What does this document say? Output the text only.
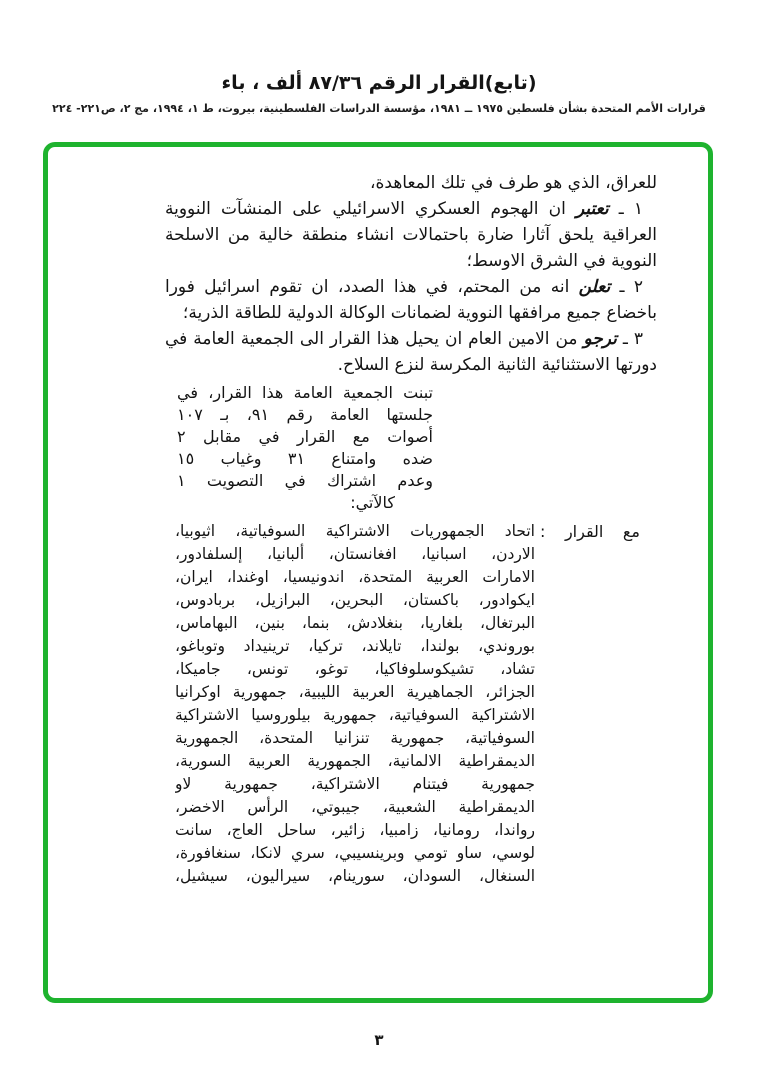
(تابع)القرار الرقم ٨٧/٣٦ ألف ، باء
قرارات الأمم المتحدة بشأن فلسطين ١٩٧٥ ــ ١٩٨١، مؤسسة الدراسات الفلسطينية، بيروت، ط ١، ١٩٩٤، مج ٢، ص٢٢١- ٢٢٤
للعراق، الذي هو طرف في تلك المعاهدة،
١ ـ تعتبر ان الهجوم العسكري الاسرائيلي على المنشآت النووية
العراقية يلحق آثارا ضارة باحتمالات انشاء منطقة خالية من الاسلحة
النووية في الشرق الاوسط؛
٢ ـ تعلن انه من المحتم، في هذا الصدد، ان تقوم اسرائيل فورا
باخضاع جميع مرافقها النووية لضمانات الوكالة الدولية للطاقة الذرية؛
٣ ـ ترجو من الامين العام ان يحيل هذا القرار الى الجمعية العامة في
دورتها الاستثنائية الثانية المكرسة لنزع السلاح.
تبنت الجمعية العامة هذا القرار، في
جلستها العامة رقم ٩١، بـ ١٠٧
أصوات مع القرار في مقابل ٢
ضده وامتناع ٣١ وغياب ١٥
وعدم اشتراك في التصويت ١
كالآتي:
مع القرار :
اتحاد الجمهوريات الاشتراكية السوفياتية، اثيوبيا،
الاردن، اسبانيا، افغانستان، ألبانيا، إلسلفادور،
الامارات العربية المتحدة، اندونيسيا، اوغندا، ايران،
ايكوادور، باكستان، البحرين، البرازيل، بربادوس،
البرتغال، بلغاريا، بنغلادش، بنما، بنين، البهاماس،
بوروندي، بولندا، تايلاند، تركيا، ترينيداد وتوباغو،
تشاد، تشيكوسلوفاكيا، توغو، تونس، جاميكا،
الجزائر، الجماهيرية العربية الليبية، جمهورية اوكرانيا
الاشتراكية السوفياتية، جمهورية بيلوروسيا الاشتراكية
السوفياتية، جمهورية تنزانيا المتحدة، الجمهورية
الديمقراطية الالمانية، الجمهورية العربية السورية،
جمهورية فيتنام الاشتراكية، جمهورية لاو
الديمقراطية الشعبية، جيبوتي، الرأس الاخضر،
رواندا، رومانيا، زامبيا، زائير، ساحل العاج، سانت
لوسي، ساو تومي وبرينسيبي، سري لانكا، سنغافورة،
السنغال، السودان، سورينام، سيراليون، سيشيل،
٣
